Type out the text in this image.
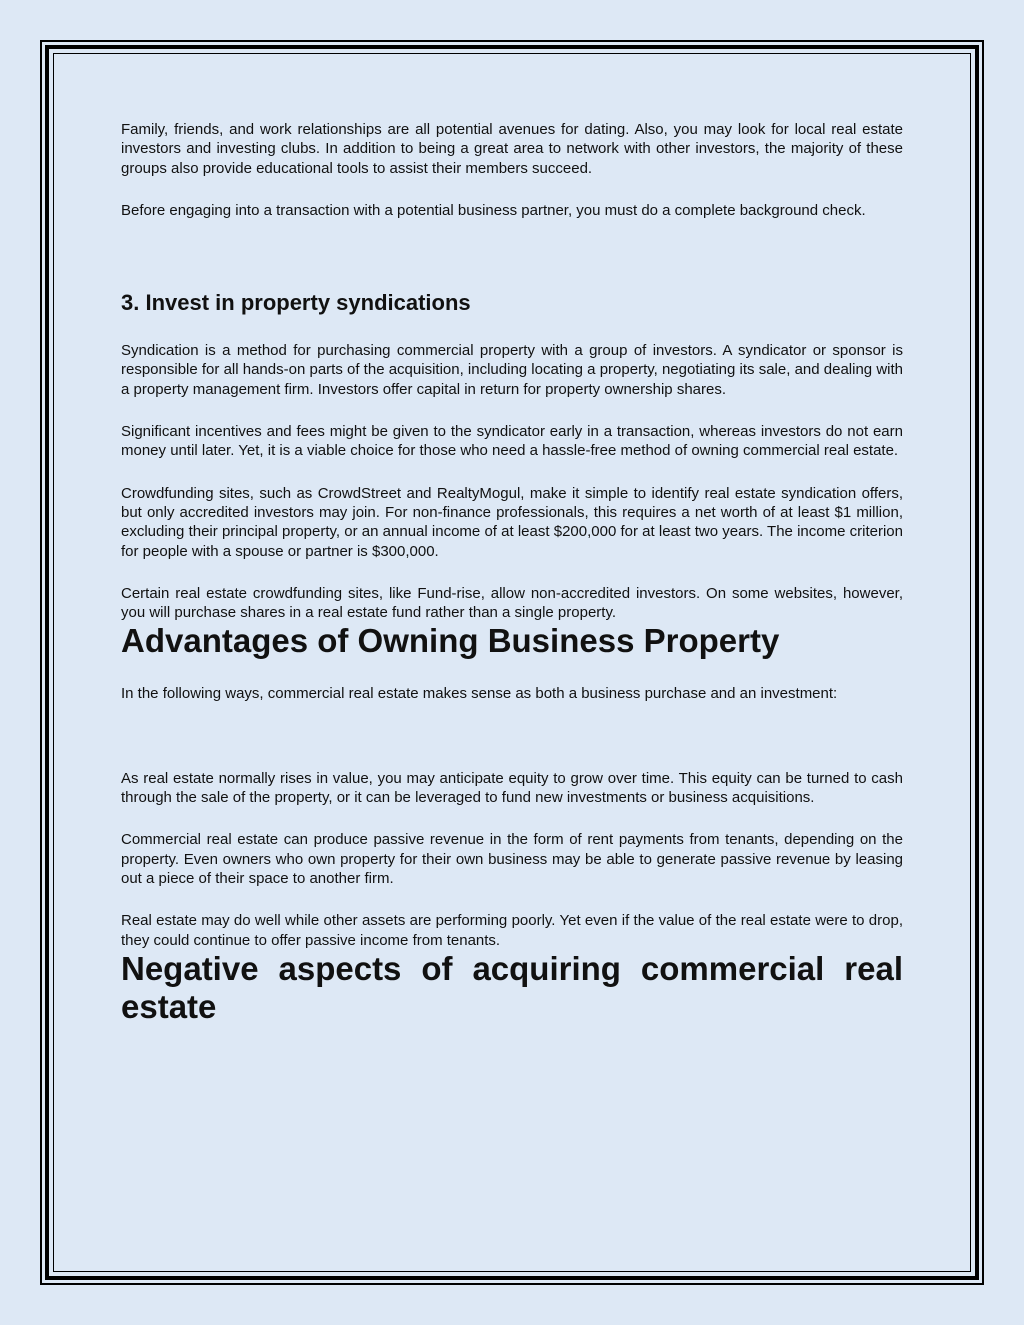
Family, friends, and work relationships are all potential avenues for dating. Also, you may look for local real estate investors and investing clubs. In addition to being a great area to network with other investors, the majority of these groups also provide educational tools to assist their members succeed.

Before engaging into a transaction with a potential business partner, you must do a complete background check.

3. Invest in property syndications

Syndication is a method for purchasing commercial property with a group of investors. A syndicator or sponsor is responsible for all hands-on parts of the acquisition, including locating a property, negotiating its sale, and dealing with a property management firm. Investors offer capital in return for property ownership shares.

Significant incentives and fees might be given to the syndicator early in a transaction, whereas investors do not earn money until later. Yet, it is a viable choice for those who need a hassle-free method of owning commercial real estate.

Crowdfunding sites, such as CrowdStreet and RealtyMogul, make it simple to identify real estate syndication offers, but only accredited investors may join. For non-finance professionals, this requires a net worth of at least $1 million, excluding their principal property, or an annual income of at least $200,000 for at least two years. The income criterion for people with a spouse or partner is $300,000.

Certain real estate crowdfunding sites, like Fund-rise, allow non-accredited investors. On some websites, however, you will purchase shares in a real estate fund rather than a single property.

Advantages of Owning Business Property

In the following ways, commercial real estate makes sense as both a business purchase and an investment:

As real estate normally rises in value, you may anticipate equity to grow over time. This equity can be turned to cash through the sale of the property, or it can be leveraged to fund new investments or business acquisitions.

Commercial real estate can produce passive revenue in the form of rent payments from tenants, depending on the property. Even owners who own property for their own business may be able to generate passive revenue by leasing out a piece of their space to another firm.

Real estate may do well while other assets are performing poorly. Yet even if the value of the real estate were to drop, they could continue to offer passive income from tenants.

Negative aspects of acquiring commercial real estate
